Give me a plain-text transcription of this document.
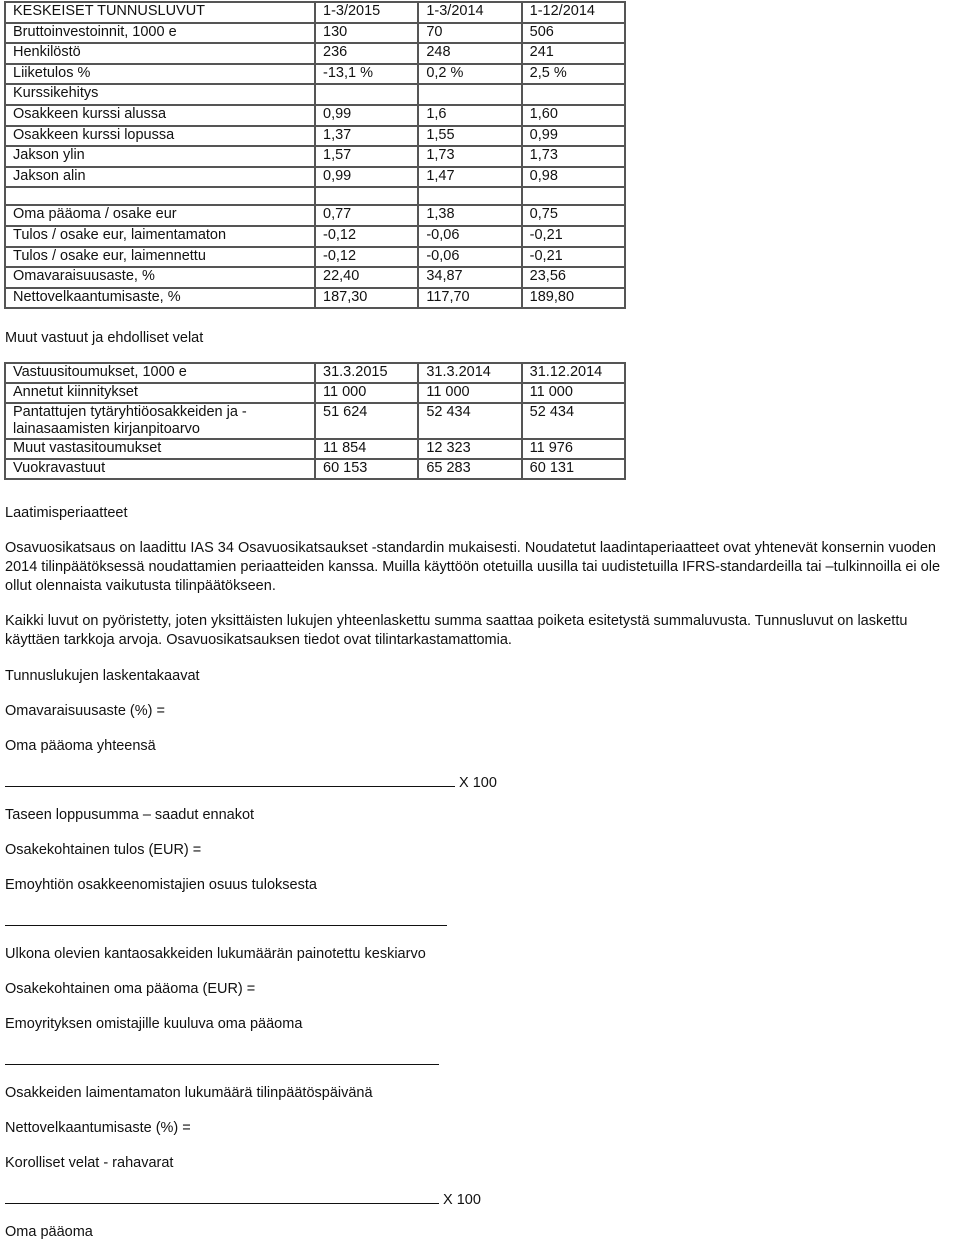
KESKEISET TUNNUSLUVUT	1-3/2015	1-3/2014	1-12/2014
Bruttoinvestoinnit, 1000 e	130	70	506
Henkilöstö	236	248	241
Liiketulos %	-13,1 %	0,2 %	2,5 %
Kurssikehitys			
Osakkeen kurssi alussa	0,99	1,6	1,60
Osakkeen kurssi lopussa	1,37	1,55	0,99
Jakson ylin	1,57	1,73	1,73
Jakson alin	0,99	1,47	0,98

Oma pääoma / osake eur	0,77	1,38	0,75
Tulos / osake eur, laimentamaton	-0,12	-0,06	-0,21
Tulos / osake eur, laimennettu	-0,12	-0,06	-0,21
Omavaraisuusaste, %	22,40	34,87	23,56
Nettovelkaantumisaste, %	187,30	117,70	189,80

Muut vastuut ja ehdolliset velat

Vastuusitoumukset, 1000 e	31.3.2015	31.3.2014	31.12.2014
Annetut kiinnitykset	11 000	11 000	11 000
Pantattujen tytäryhtiöosakkeiden ja - lainasaamisten kirjanpitoarvo	51 624	52 434	52 434
Muut vastasitoumukset	11 854	12 323	11 976
Vuokravastuut	60 153	65 283	60 131

Laatimisperiaatteet

Osavuosikatsaus on laadittu IAS 34 Osavuosikatsaukset -standardin mukaisesti. Noudatetut laadintaperiaatteet ovat yhtenevät konsernin vuoden 2014 tilinpäätöksessä noudattamien periaatteiden kanssa. Muilla käyttöön otetuilla uusilla tai uudistetuilla IFRS-standardeilla tai –tulkinnoilla ei ole ollut olennaista vaikutusta tilinpäätökseen.

Kaikki luvut on pyöristetty, joten yksittäisten lukujen yhteenlaskettu summa saattaa poiketa esitetystä summaluvusta. Tunnusluvut on laskettu käyttäen tarkkoja arvoja. Osavuosikatsauksen tiedot ovat tilintarkastamattomia.

Tunnuslukujen laskentakaavat

Omavaraisuusaste (%) =

Oma pääoma yhteensä

X 100

Taseen loppusumma – saadut ennakot

Osakekohtainen tulos (EUR) =

Emoyhtiön osakkeenomistajien osuus tuloksesta

Ulkona olevien kantaosakkeiden lukumäärän painotettu keskiarvo

Osakekohtainen oma pääoma (EUR) =

Emoyrityksen omistajille kuuluva oma pääoma

Osakkeiden laimentamaton lukumäärä tilinpäätöspäivänä

Nettovelkaantumisaste (%) =

Korolliset velat - rahavarat

X 100

Oma pääoma
